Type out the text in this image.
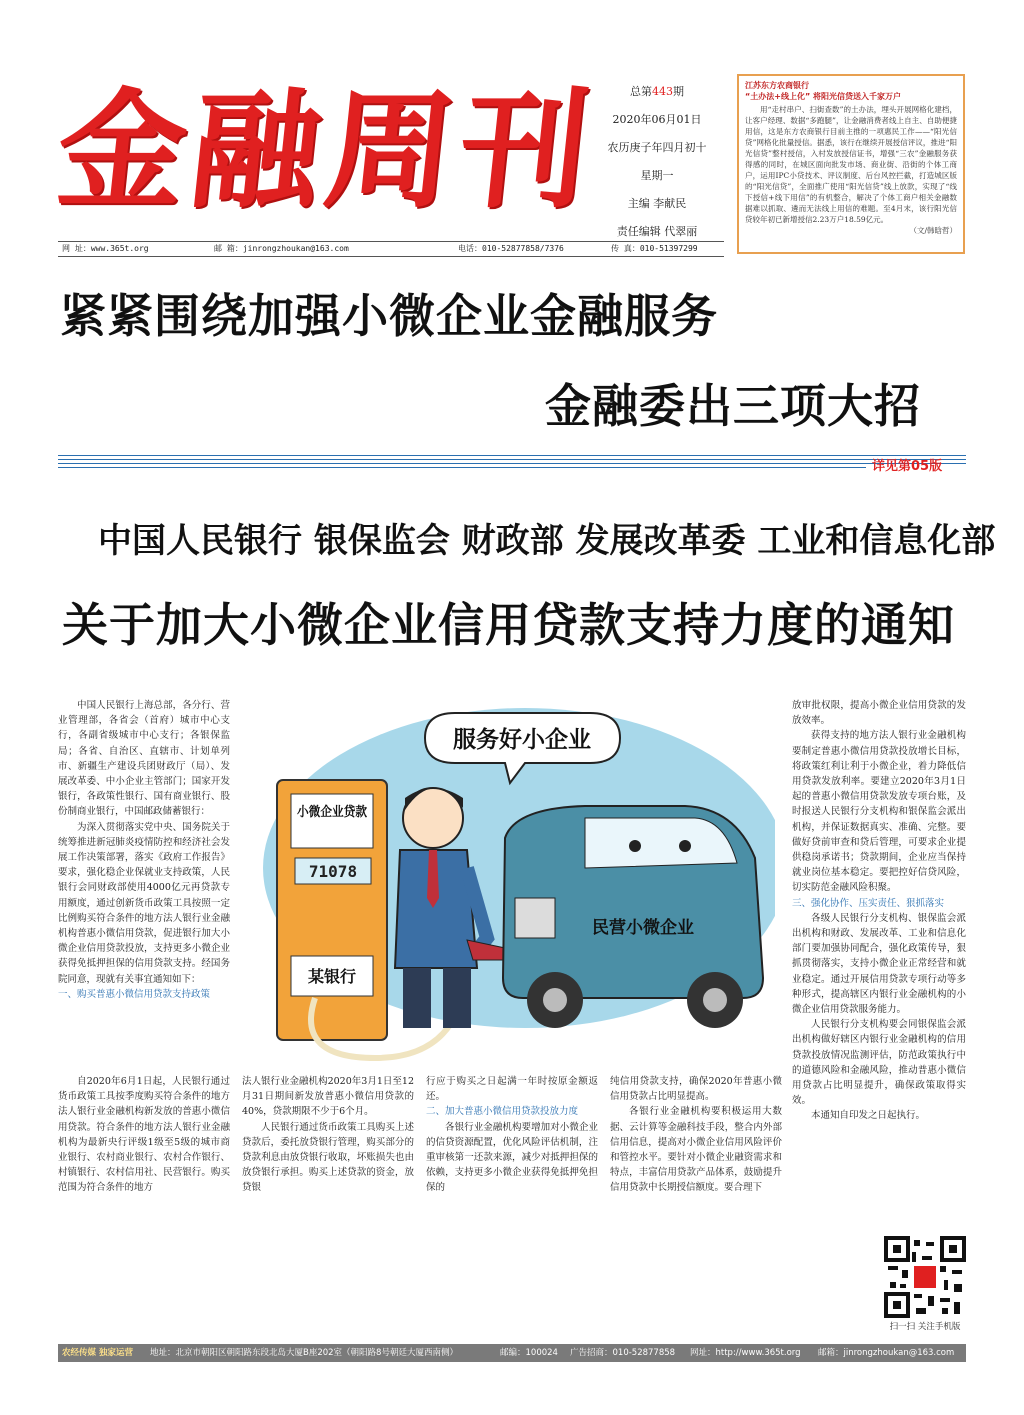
金融周刊	总第443期
2020年06月01日
农历庚子年四月初十
星期一
主编 李献民
责任编辑 代翠丽
网 址：www.365t.org	邮 箱：jinrongzhoukan@163.com	电话：010-52877858/7376	传 真：010-51397299
江苏东方农商银行
“土办法+线上化” 将阳光信贷送入千家万户
用“走村串户、扫街查数”的土办法，埋头开展网格化建档，让客户经理、数据“多跑腿”，让金融消费者线上自主、自助便捷用信，这是东方农商银行目前主推的一项惠民工作——“阳光信贷”网格化批量授信。据悉，该行在继续开展授信评议，推进“阳光信贷”整村授信，入村发放授信证书，增强“三农”金融服务获得感的同时，在城区面向批发市场、商业街、沿街的个体工商户，运用IPC小贷技术、评议制度、后台风控拦截，打造城区版的“阳光信贷”，全面推广使用“阳光信贷”线上放款，实现了“线下授信+线下用信”的有机整合，解决了个体工商户相关金融数据难以抓取、遴而无法线上用信的难题。至4月末，该行阳光信贷较年初已新增授信2.23万户18.59亿元。
（文/韩晗哲）
紧紧围绕加强小微企业金融服务
金融委出三项大招
详见第05版
中国人民银行 银保监会 财政部 发展改革委 工业和信息化部
关于加大小微企业信用贷款支持力度的通知

中国人民银行上海总部，各分行、营业管理部，各省会（首府）城市中心支行，各副省级城市中心支行；各银保监局；各省、自治区、直辖市、计划单列市、新疆生产建设兵团财政厅（局）、发展改革委、中小企业主管部门；国家开发银行，各政策性银行、国有商业银行、股份制商业银行，中国邮政储蓄银行：

为深入贯彻落实党中央、国务院关于统筹推进新冠肺炎疫情防控和经济社会发展工作决策部署，落实《政府工作报告》要求，强化稳企业保就业支持政策，人民银行会同财政部使用4000亿元再贷款专用额度，通过创新货币政策工具按照一定比例购买符合条件的地方法人银行业金融机构普惠小微信用贷款，促进银行加大小微企业信用贷款投放，支持更多小微企业获得免抵押担保的信用贷款支持。经国务院同意，现就有关事宜通知如下：

一、购买普惠小微信用贷款支持政策

服务好小企业
小微企业贷款
71078
某银行
民营小微企业

放审批权限，提高小微企业信用贷款的发放效率。

获得支持的地方法人银行业金融机构要制定普惠小微信用贷款投放增长目标，将政策红利让利于小微企业，着力降低信用贷款发放利率。要建立2020年3月1日起的普惠小微信用贷款发放专项台账，及时报送人民银行分支机构和银保监会派出机构，并保证数据真实、准确、完整。要做好贷前审查和贷后管理，可要求企业提供稳岗承诺书；贷款期间，企业应当保持就业岗位基本稳定。要把控好信贷风险，切实防范金融风险积聚。

三、强化协作、压实责任、狠抓落实

各级人民银行分支机构、银保监会派出机构和财政、发展改革、工业和信息化部门要加强协同配合，强化政策传导，狠抓贯彻落实，支持小微企业正常经营和就业稳定。通过开展信用贷款专项行动等多种形式，提高辖区内银行业金融机构的小微企业信用贷款服务能力。

人民银行分支机构要会同银保监会派出机构做好辖区内银行业金融机构的信用贷款投放情况监测评估，防范政策执行中的道德风险和金融风险，推动普惠小微信用贷款占比明显提升，确保政策取得实效。

本通知自印发之日起执行。

自2020年6月1日起，人民银行通过货币政策工具按季度购买符合条件的地方法人银行业金融机构新发放的普惠小微信用贷款。符合条件的地方法人银行业金融机构为最新央行评级1级至5级的城市商业银行、农村商业银行、农村合作银行、村镇银行、农村信用社、民营银行。购买范围为符合条件的地方

法人银行业金融机构2020年3月1日至12月31日期间新发放普惠小微信用贷款的40%，贷款期限不少于6个月。

人民银行通过货币政策工具购买上述贷款后，委托放贷银行管理，购买部分的贷款利息由放贷银行收取，坏账损失也由放贷银行承担。购买上述贷款的资金，放贷银

行应于购买之日起满一年时按原金额返还。

二、加大普惠小微信用贷款投放力度

各银行业金融机构要增加对小微企业的信贷资源配置，优化风险评估机制，注重审核第一还款来源，减少对抵押担保的依赖，支持更多小微企业获得免抵押免担保的

纯信用贷款支持，确保2020年普惠小微信用贷款占比明显提高。

各银行业金融机构要积极运用大数据、云计算等金融科技手段，整合内外部信用信息，提高对小微企业信用风险评价和管控水平。要针对小微企业融资需求和特点，丰富信用贷款产品体系，鼓励提升信用贷款中长期授信额度。要合理下

扫一扫 关注手机版
农经传媒 独家运营 地址：北京市朝阳区朝阳路东段北岛大厦B座202室（朝阳路8号朝廷大厦西南侧）	邮编：100024 广告招商：010-52877858 网址：http://www.365t.org 邮箱：jinrongzhoukan@163.com
